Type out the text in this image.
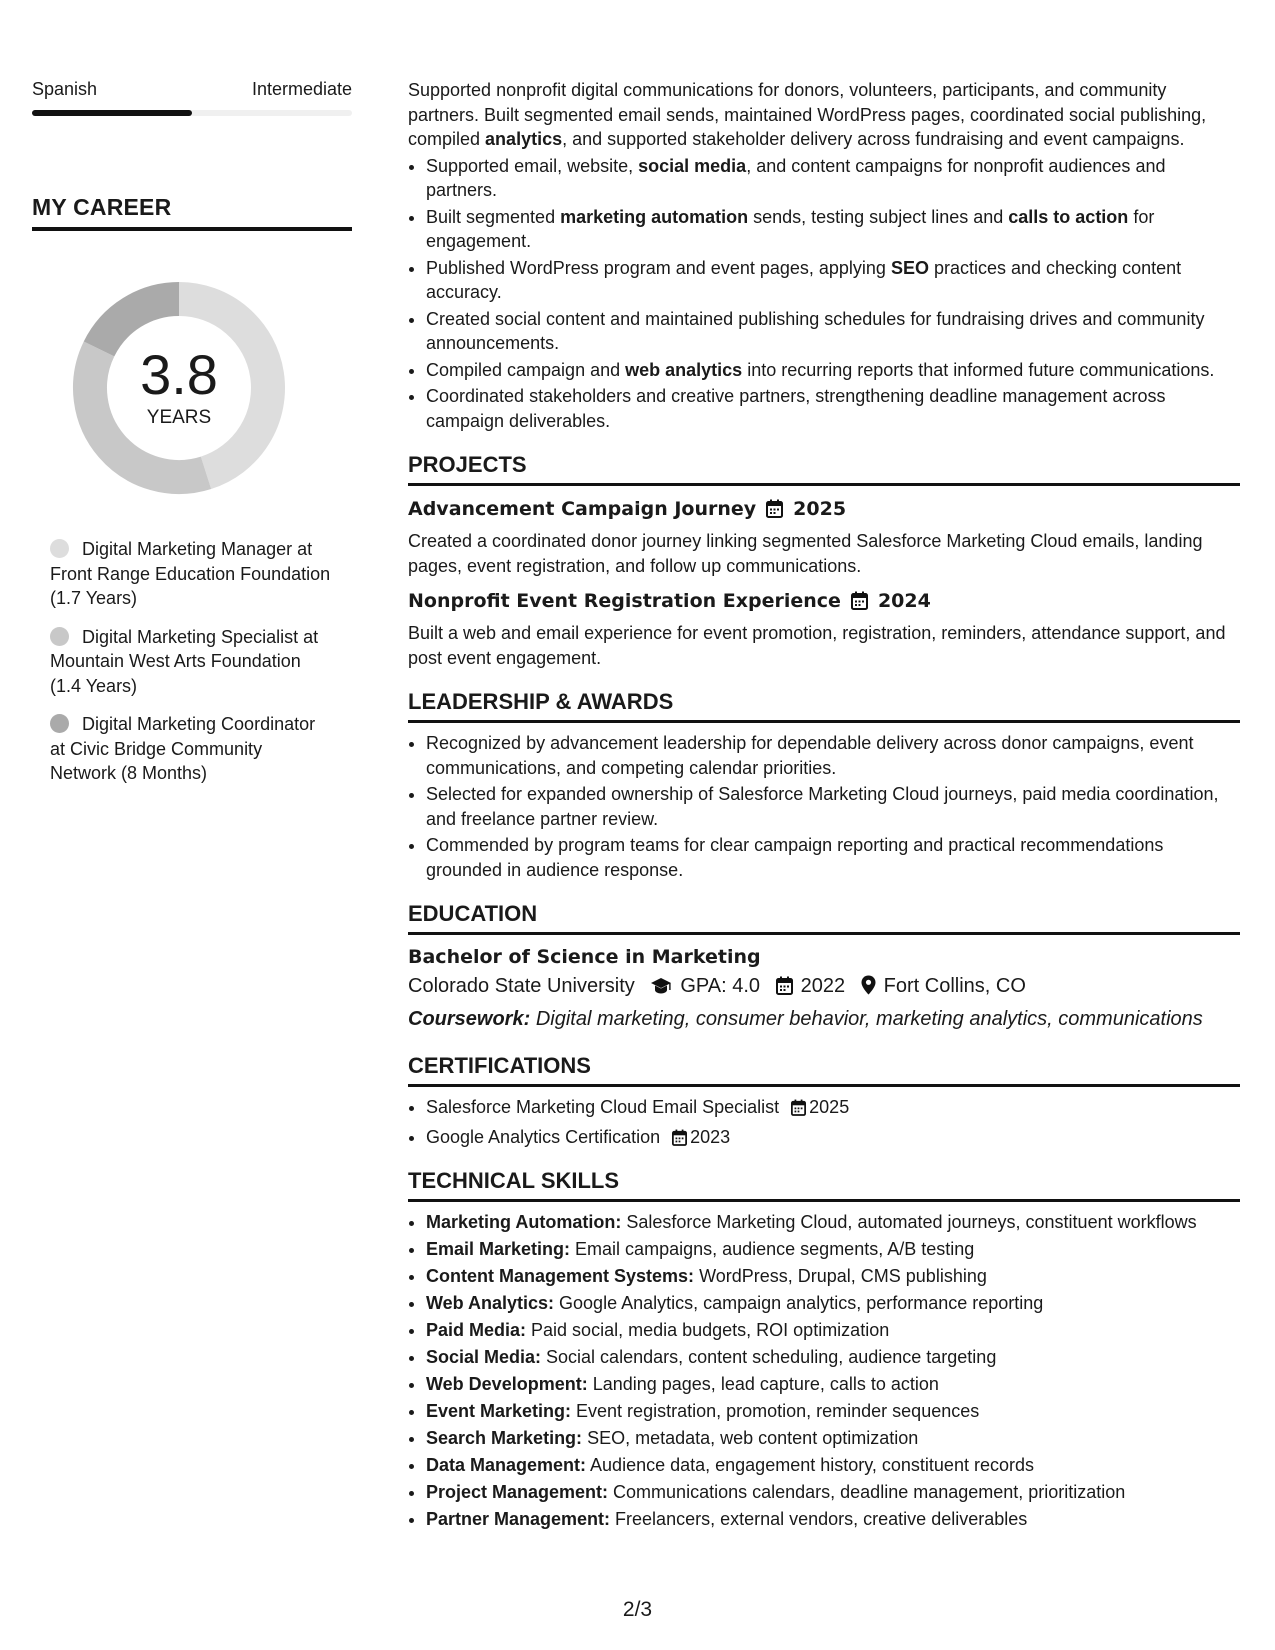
Spanish	Intermediate
MY CAREER
3.8
YEARS
Digital Marketing Manager at Front Range Education Foundation (1.7 Years)
Digital Marketing Specialist at Mountain West Arts Foundation (1.4 Years)
Digital Marketing Coordinator at Civic Bridge Community Network (8 Months)

Supported nonprofit digital communications for donors, volunteers, participants, and community partners. Built segmented email sends, maintained WordPress pages, coordinated social publishing, compiled analytics, and supported stakeholder delivery across fundraising and event campaigns.

• Supported email, website, social media, and content campaigns for nonprofit audiences and partners.
• Built segmented marketing automation sends, testing subject lines and calls to action for engagement.
• Published WordPress program and event pages, applying SEO practices and checking content accuracy.
• Created social content and maintained publishing schedules for fundraising drives and community announcements.
• Compiled campaign and web analytics into recurring reports that informed future communications.
• Coordinated stakeholders and creative partners, strengthening deadline management across campaign deliverables.
PROJECTS
Advancement Campaign Journey 2025
Created a coordinated donor journey linking segmented Salesforce Marketing Cloud emails, landing pages, event registration, and follow up communications.
Nonprofit Event Registration Experience 2024
Built a web and email experience for event promotion, registration, reminders, attendance support, and post event engagement.
LEADERSHIP & AWARDS
• Recognized by advancement leadership for dependable delivery across donor campaigns, event communications, and competing calendar priorities.
• Selected for expanded ownership of Salesforce Marketing Cloud journeys, paid media coordination, and freelance partner review.
• Commended by program teams for clear campaign reporting and practical recommendations grounded in audience response.
EDUCATION
Bachelor of Science in Marketing
Colorado State University GPA: 4.0 2022 Fort Collins, CO
Coursework: Digital marketing, consumer behavior, marketing analytics, communications
CERTIFICATIONS
• Salesforce Marketing Cloud Email Specialist 2025
• Google Analytics Certification 2023
TECHNICAL SKILLS
• Marketing Automation: Salesforce Marketing Cloud, automated journeys, constituent workflows
• Email Marketing: Email campaigns, audience segments, A/B testing
• Content Management Systems: WordPress, Drupal, CMS publishing
• Web Analytics: Google Analytics, campaign analytics, performance reporting
• Paid Media: Paid social, media budgets, ROI optimization
• Social Media: Social calendars, content scheduling, audience targeting
• Web Development: Landing pages, lead capture, calls to action
• Event Marketing: Event registration, promotion, reminder sequences
• Search Marketing: SEO, metadata, web content optimization
• Data Management: Audience data, engagement history, constituent records
• Project Management: Communications calendars, deadline management, prioritization
• Partner Management: Freelancers, external vendors, creative deliverables
2/3
